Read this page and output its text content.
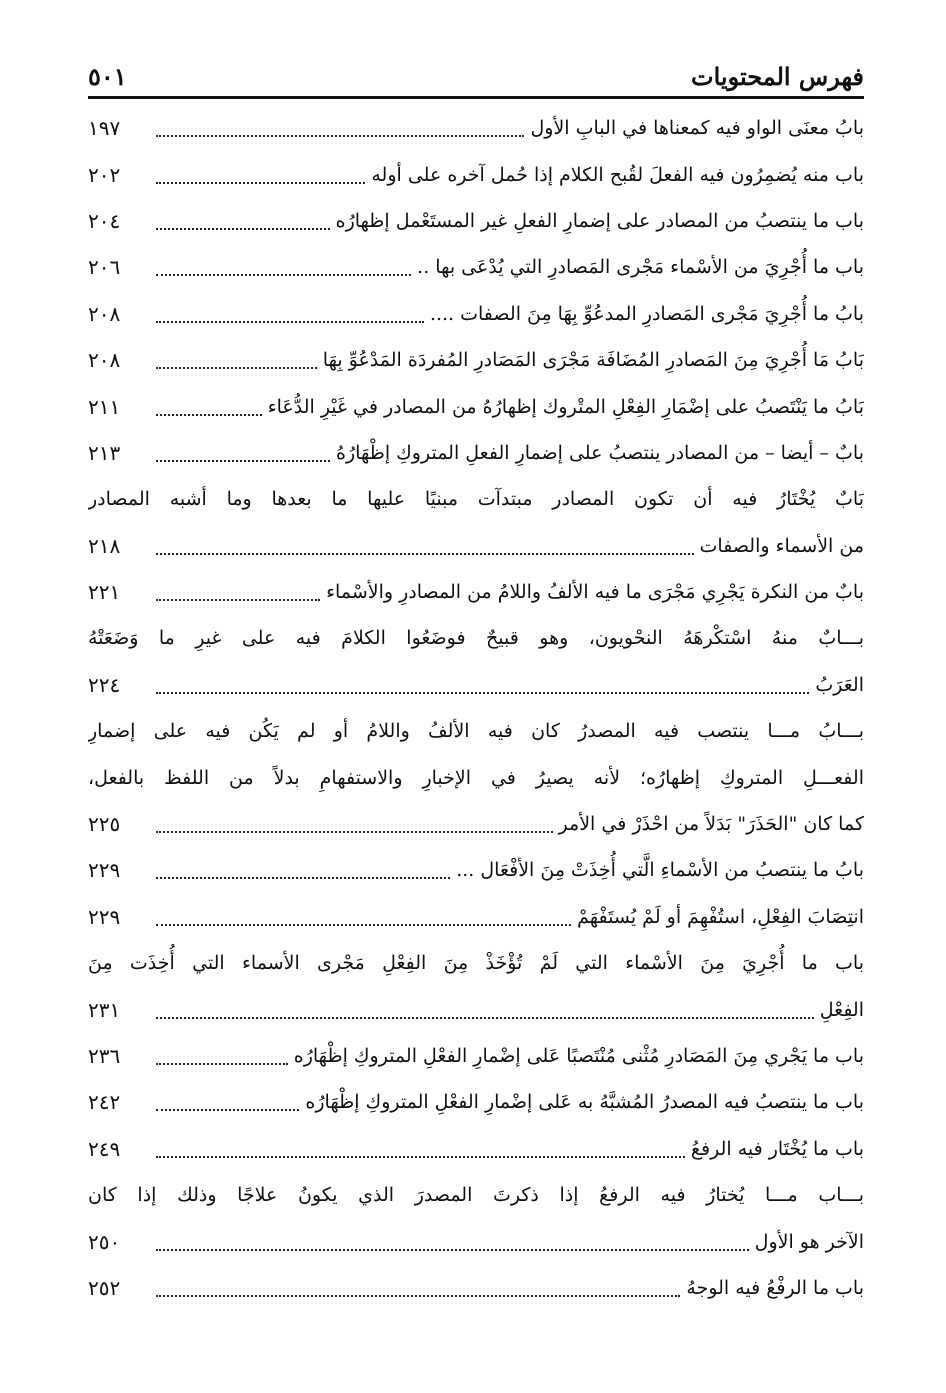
فهرس المحتويات
٥٠١
بابُ معنَى الواو فيه كمعناها في البابِ الأول
١٩٧
باب منه يُضمِرُون فيه الفعلَ لقُبح الكلام إذا حُمل آخره على أوله
٢٠٢
باب ما ينتصبُ من المصادر على إضمارِ الفعلِ غير المستَعْمل إظهارُه
٢٠٤
باب ما أُجْرِيَ من الأسْماء مَجْرى المَصادرِ التي يُدْعَى بها ..
٢٠٦
بابُ ما أُجْرِيَ مَجْرى المَصادرِ المدعُوِّ بِهَا مِنَ الصفات ....
٢٠٨
بَابُ مَا أُجْرِيَ مِنَ المَصادرِ المُضَافَة مَجْرَى المَصَادرِ المُفردَة المَدْعُوِّ بِهَا
٢٠٨
بَابُ ما يَنْتَصبُ على إضْمَارِ الفِعْلِ المتْروك إظهارُهُ من المصادر في غَيْرِ الدُّعَاء
٢١١
بابٌ – أيضا – من المصادر ينتصبُ على إضمارِ الفعلِ المتروكِ إظْهَارُهُ
٢١٣
بَابٌ يُخْتَارُ فيه أن تكون المصادر مبتدآت مبنيًا عليها ما بعدها وما أشبه المصادر
من الأسماء والصفات
٢١٨
بابٌ من النكرة يَجْرِي مَجْرَى ما فيه الألفُ واللامُ من المصادرِ والأسْماء
٢٢١
بـــابٌ منهُ اسْتكْرهَهُ النحْويون، وهو قبيحٌ فوضَعُوا الكلامَ فيه على غيرِ ما وَضَعَتْهُ
العَرَبُ
٢٢٤
بـــابُ مـــا ينتصب فيه المصدرُ كان فيه الألفُ واللامُ أو لم يَكُن فيه على إضمارِ
الفعـــلِ المتروكِ إظهارُه؛ لأنه يصيرُ في الإخبارِ والاستفهامِ بدلاً من اللفظ بالفعل،
كما كان "الحَذَرَ" بَدَلاً من احْذَرْ في الأمر
٢٢٥
بابُ ما ينتصبُ من الأسْماءِ الَّتي أُخِذَتْ مِنَ الأفْعَال ...
٢٢٩
انتِصَابَ الفِعْلِ، استُفْهِمَ أو لَمْ يُستَفْهَمْ
٢٢٩
باب ما أُجْرِيَ مِنَ الأسْماء التي لَمْ تُؤْخَذْ مِنَ الفِعْلِ مَجْرى الأسماء التي أُخِذَت مِنَ
الفِعْلِ
٢٣١
باب ما يَجْري مِنَ المَصَادرِ مُثْنى مُنْتَصبًا عَلى إضْمارِ الفعْلِ المتروكِ إظْهَارُه
٢٣٦
باب ما ينتصبُ فيه المصدرُ المُشبَّهُ به عَلى إضْمارِ الفعْلِ المتروكِ إظْهَارُه
٢٤٢
باب ما يُخْتَار فيه الرفعُ
٢٤٩
بـــاب مـــا يُختارُ فيه الرفعُ إذا ذكرتَ المصدرَ الذي يكونُ علاجًا وذلك إذا كان
الآخر هو الأول
٢٥٠
باب ما الرفْعُ فيه الوجهُ
٢٥٢
